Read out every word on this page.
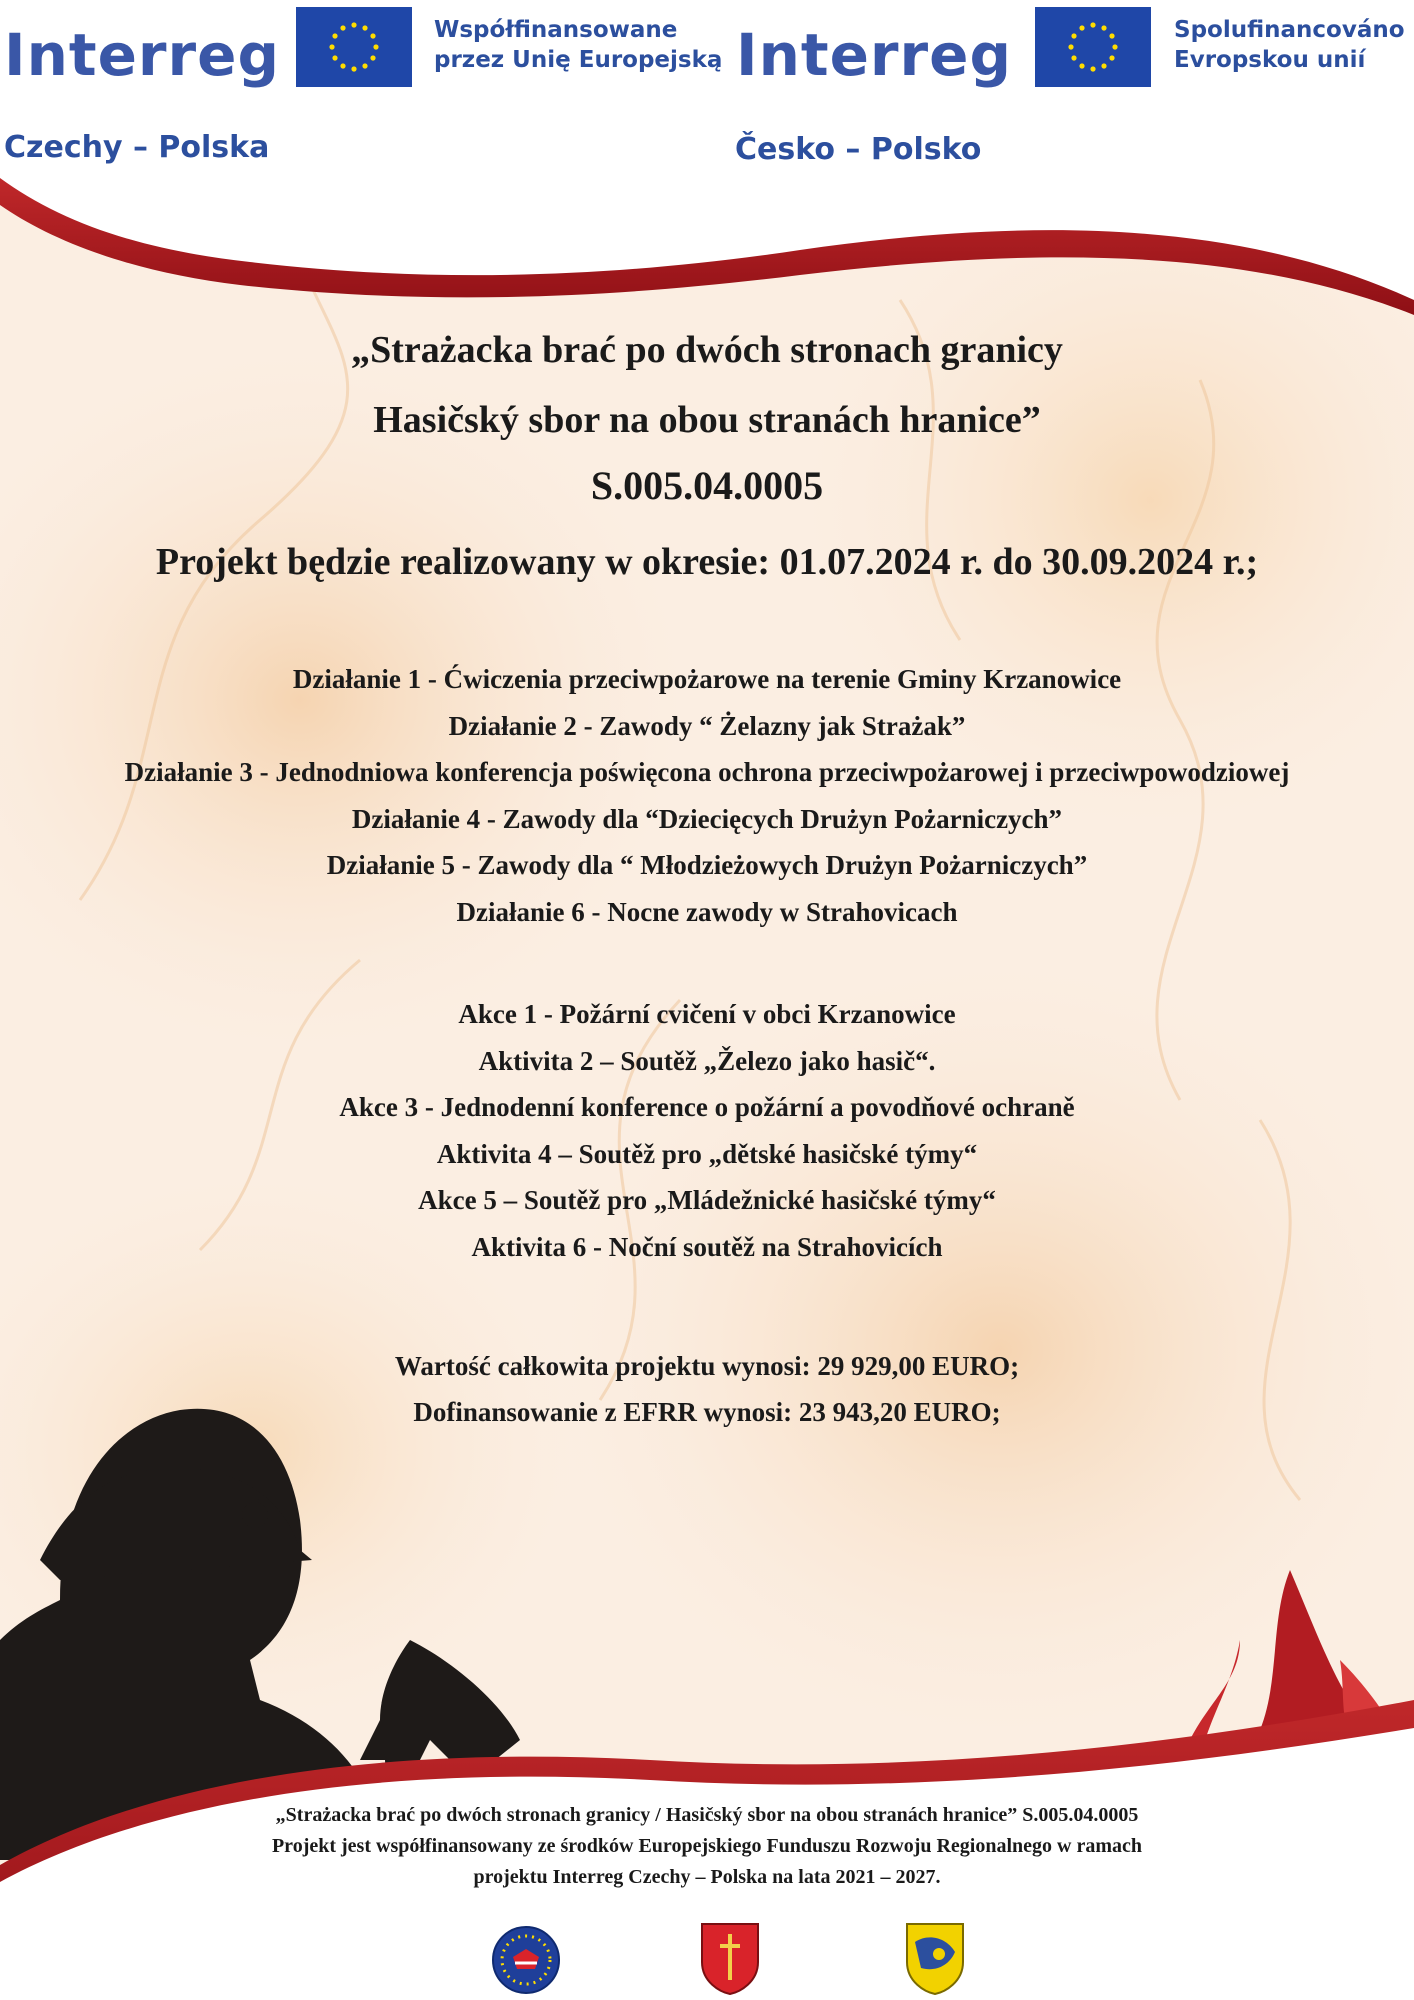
Interreg
Czechy – Polska
Współfinansowane
przez Unię Europejską Interreg
Česko – Polsko
Spolufinancováno
Evropskou unií
„Strażacka brać po dwóch stronach granicy
Hasičský sbor na obou stranách hranice”
S.005.04.0005
Projekt będzie realizowany w okresie: 01.07.2024 r. do 30.09.2024 r.;
Działanie 1 - Ćwiczenia przeciwpożarowe na terenie Gminy Krzanowice
Działanie 2 - Zawody “ Żelazny jak Strażak”
Działanie 3 - Jednodniowa konferencja poświęcona ochrona przeciwpożarowej i przeciwpowodziowej
Działanie 4 - Zawody dla “Dziecięcych Drużyn Pożarniczych”
Działanie 5 - Zawody dla “ Młodzieżowych Drużyn Pożarniczych”
Działanie 6 - Nocne zawody w Strahovicach
Akce 1 - Požární cvičení v obci Krzanowice
Aktivita 2 – Soutěž „Železo jako hasič“.
Akce 3 - Jednodenní konference o požární a povodňové ochraně
Aktivita 4 – Soutěž pro „dětské hasičské týmy“
Akce 5 – Soutěž pro „Mládežnické hasičské týmy“
Aktivita 6 - Noční soutěž na Strahovicích
Wartość całkowita projektu wynosi: 29 929,00 EURO;
Dofinansowanie z EFRR wynosi: 23 943,20 EURO;
„Strażacka brać po dwóch stronach granicy / Hasičský sbor na obou stranách hranice” S.005.04.0005
Projekt jest współfinansowany ze środków Europejskiego Funduszu Rozwoju Regionalnego w ramach
projektu Interreg Czechy – Polska na lata 2021 – 2027.
